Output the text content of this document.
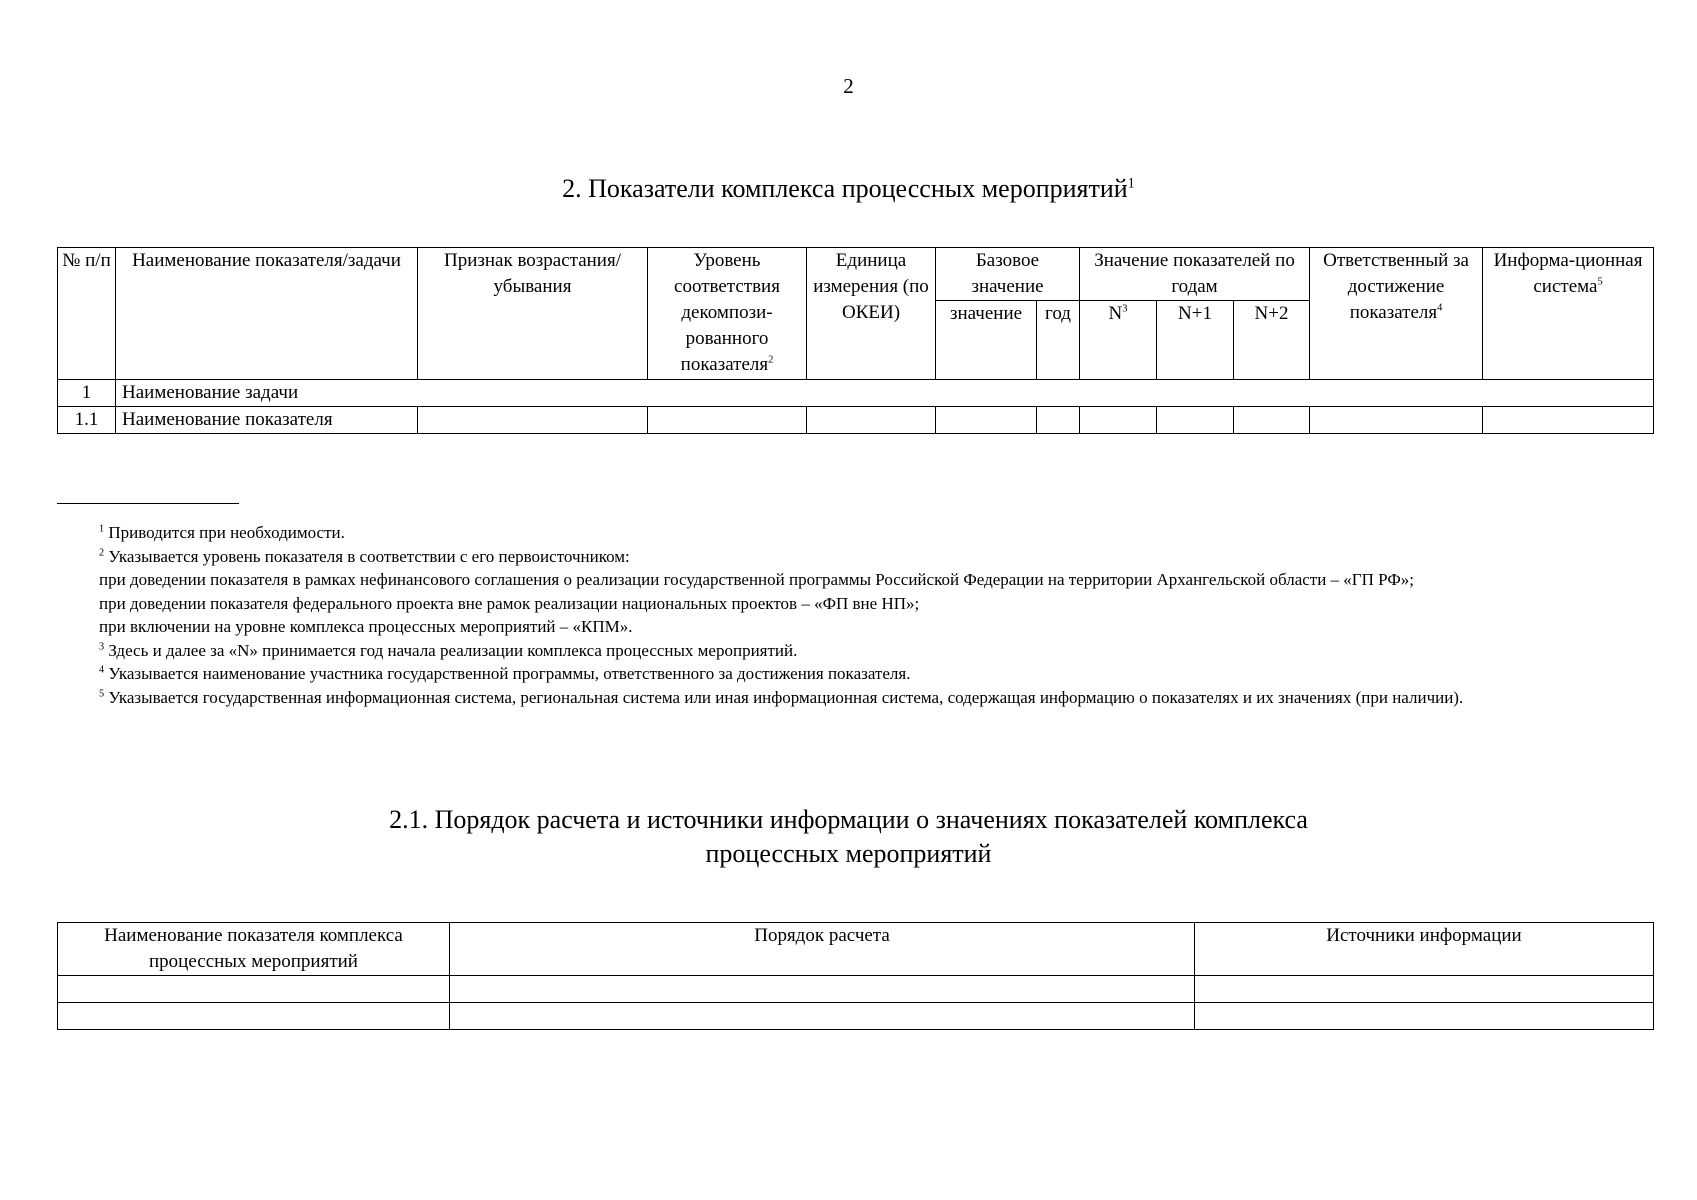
2
2. Показатели комплекса процессных мероприятий$^1$
№ п/п	Наименование показателя/задачи	Признак возрастания/ убывания	Уровень соответствия декомпози-рованного показателя$^2$	Единица измерения (по ОКЕИ)	Базовое значение		Значение показателей по годам			Ответственный за достижение показателя$^4$	Информа-ционная система$^5$
					значение	год	$N^3$	N+1	N+2		
1	Наименование задачи										
1.1	Наименование показателя										

$^1$ Приводится при необходимости.

$^2$ Указывается уровень показателя в соответствии с его первоисточником:

при доведении показателя в рамках нефинансового соглашения о реализации государственной программы Российской Федерации на территории Архангельской области – «ГП РФ»;

при доведении показателя федерального проекта вне рамок реализации национальных проектов – «ФП вне НП»;

при включении на уровне комплекса процессных мероприятий – «КПМ».

$^3$ Здесь и далее за «N» принимается год начала реализации комплекса процессных мероприятий.

$^4$ Указывается наименование участника государственной программы, ответственного за достижения показателя.

$^5$ Указывается государственная информационная система, региональная система или иная информационная система, содержащая информацию о показателях и их значениях (при наличии).

2.1. Порядок расчета и источники информации о значениях показателей комплекса
процессных мероприятий
Наименование показателя комплекса процессных мероприятий	Порядок расчета	Источники информации
